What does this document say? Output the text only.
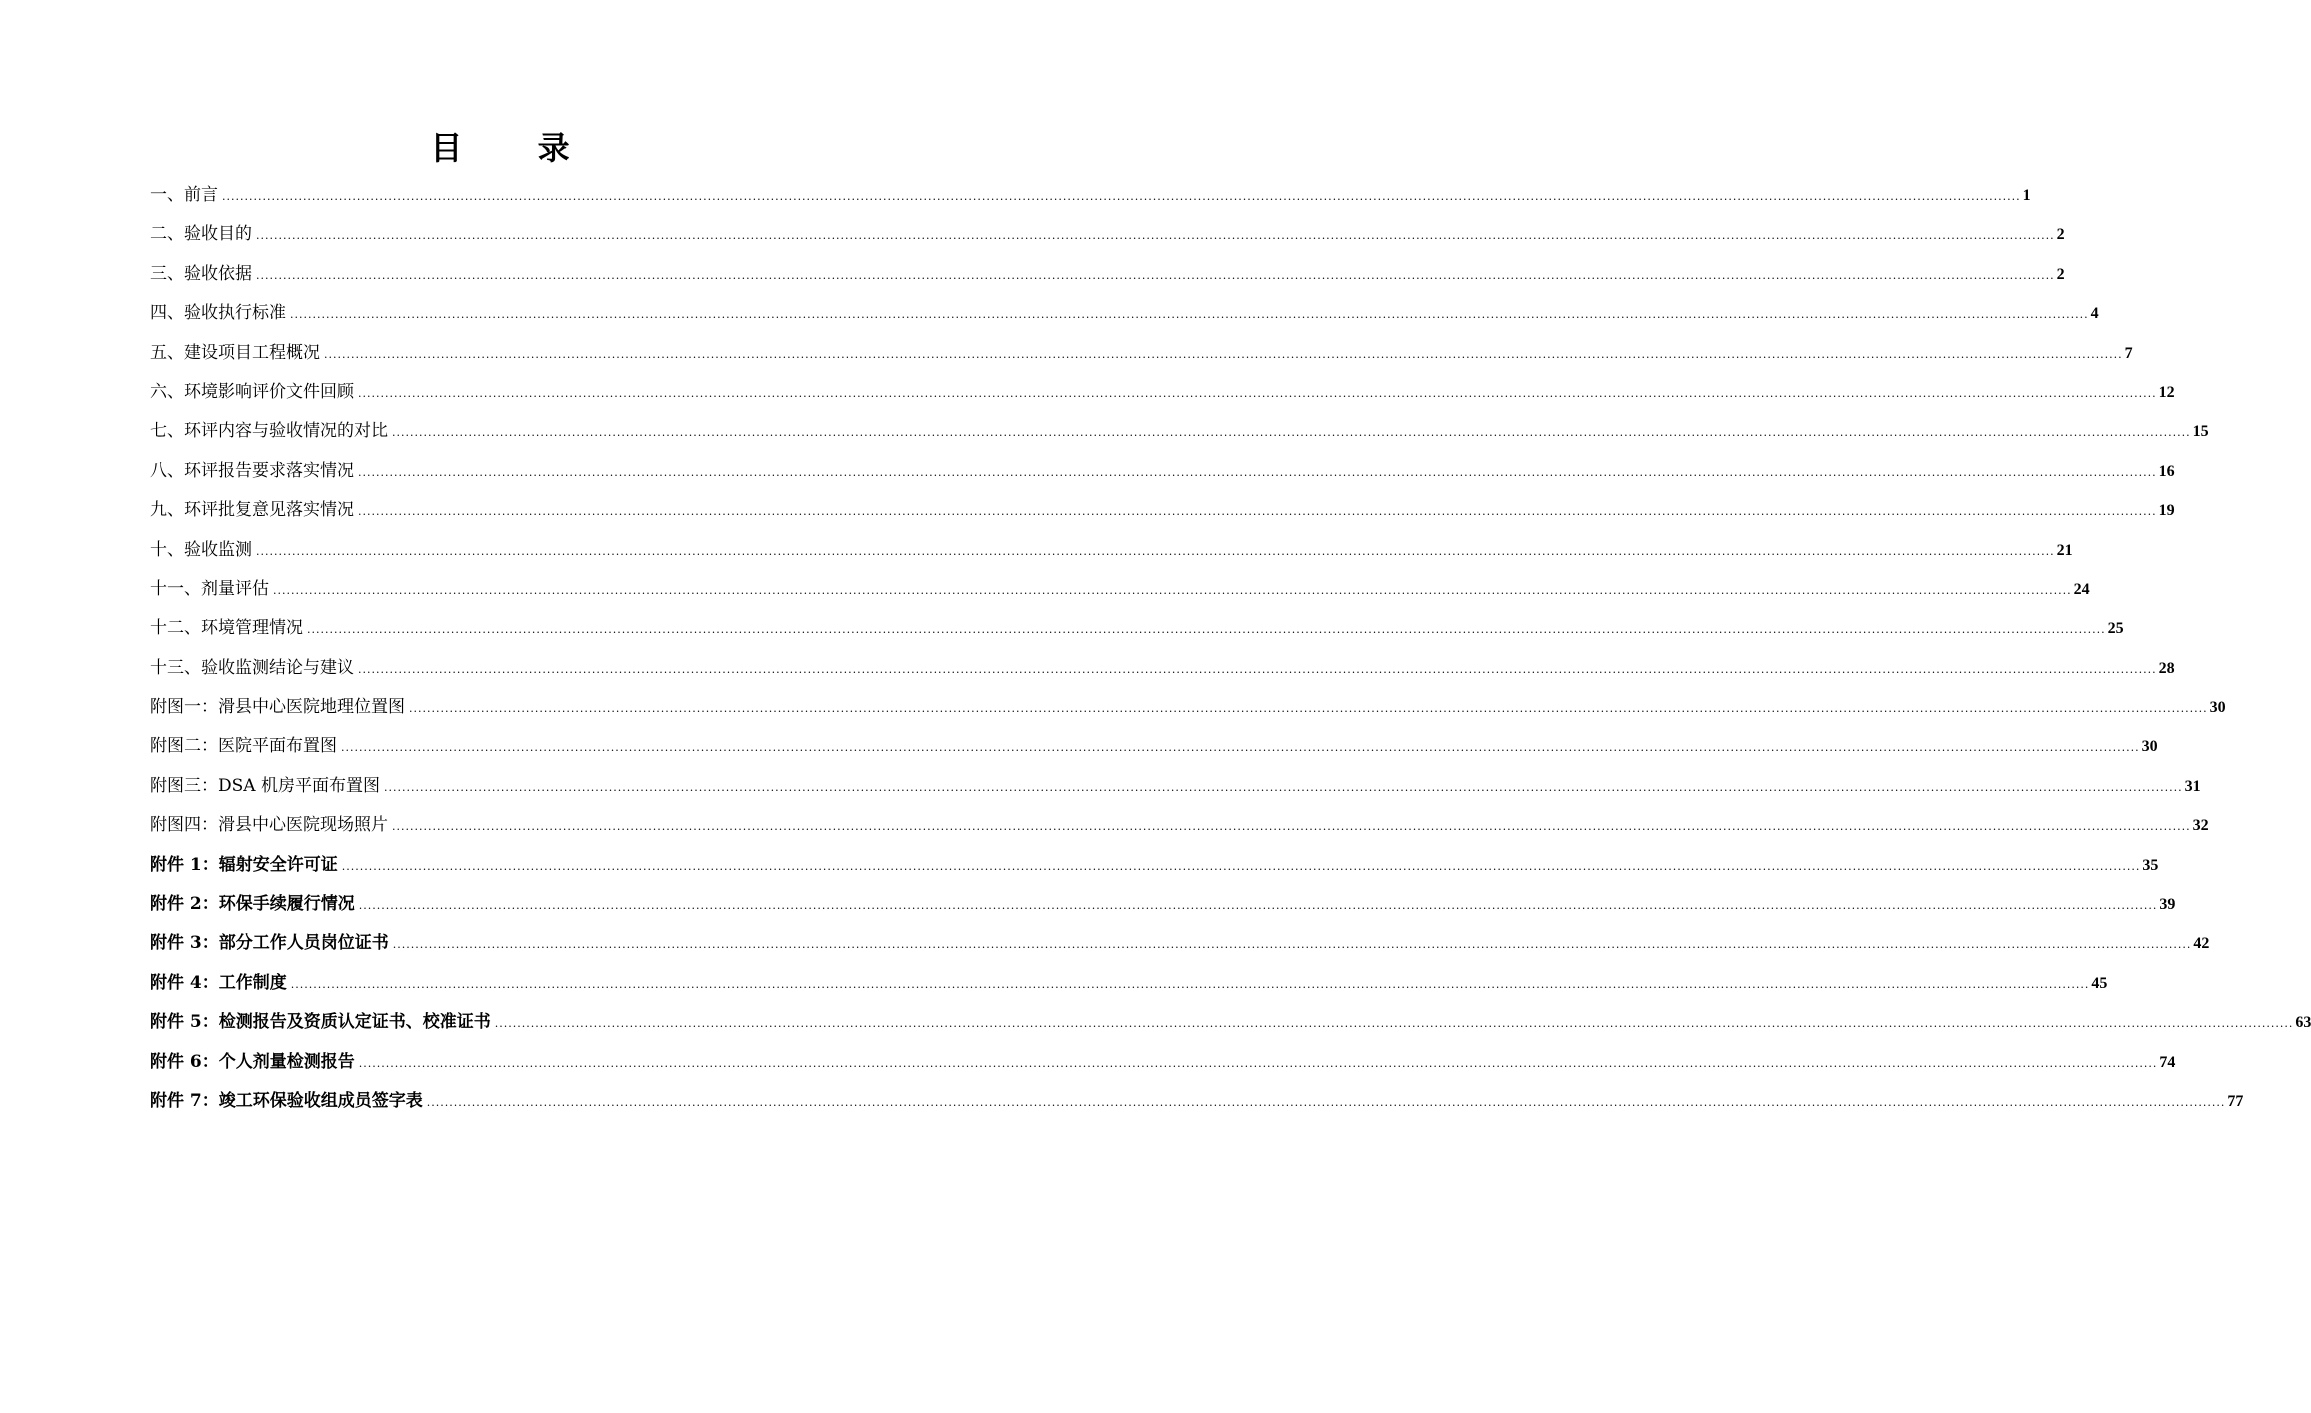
目 录
一、前言 ................................................................................................................................................................................................................................................................................................................................................................................................................ 1
二、验收目的 ................................................................................................................................................................................................................................................................................................................................................................................................................ 2
三、验收依据 ................................................................................................................................................................................................................................................................................................................................................................................................................ 2
四、验收执行标准 ................................................................................................................................................................................................................................................................................................................................................................................................................ 4
五、建设项目工程概况 ................................................................................................................................................................................................................................................................................................................................................................................................................ 7
六、环境影响评价文件回顾 ................................................................................................................................................................................................................................................................................................................................................................................................................ 12
七、环评内容与验收情况的对比 ................................................................................................................................................................................................................................................................................................................................................................................................................ 15
八、环评报告要求落实情况 ................................................................................................................................................................................................................................................................................................................................................................................................................ 16
九、环评批复意见落实情况 ................................................................................................................................................................................................................................................................................................................................................................................................................ 19
十、验收监测 ................................................................................................................................................................................................................................................................................................................................................................................................................ 21
十一、剂量评估 ................................................................................................................................................................................................................................................................................................................................................................................................................ 24
十二、环境管理情况 ................................................................................................................................................................................................................................................................................................................................................................................................................ 25
十三、验收监测结论与建议 ................................................................................................................................................................................................................................................................................................................................................................................................................ 28
附图一：滑县中心医院地理位置图 ................................................................................................................................................................................................................................................................................................................................................................................................................ 30
附图二：医院平面布置图 ................................................................................................................................................................................................................................................................................................................................................................................................................ 30
附图三：DSA 机房平面布置图 ................................................................................................................................................................................................................................................................................................................................................................................................................ 31
附图四：滑县中心医院现场照片 ................................................................................................................................................................................................................................................................................................................................................................................................................ 32
附件 1：辐射安全许可证 ................................................................................................................................................................................................................................................................................................................................................................................................................ 35
附件 2：环保手续履行情况 ................................................................................................................................................................................................................................................................................................................................................................................................................ 39
附件 3：部分工作人员岗位证书 ................................................................................................................................................................................................................................................................................................................................................................................................................ 42
附件 4：工作制度 ................................................................................................................................................................................................................................................................................................................................................................................................................ 45
附件 5：检测报告及资质认定证书、校准证书 ................................................................................................................................................................................................................................................................................................................................................................................................................ 63
附件 6：个人剂量检测报告 ................................................................................................................................................................................................................................................................................................................................................................................................................ 74
附件 7：竣工环保验收组成员签字表 ................................................................................................................................................................................................................................................................................................................................................................................................................ 77
